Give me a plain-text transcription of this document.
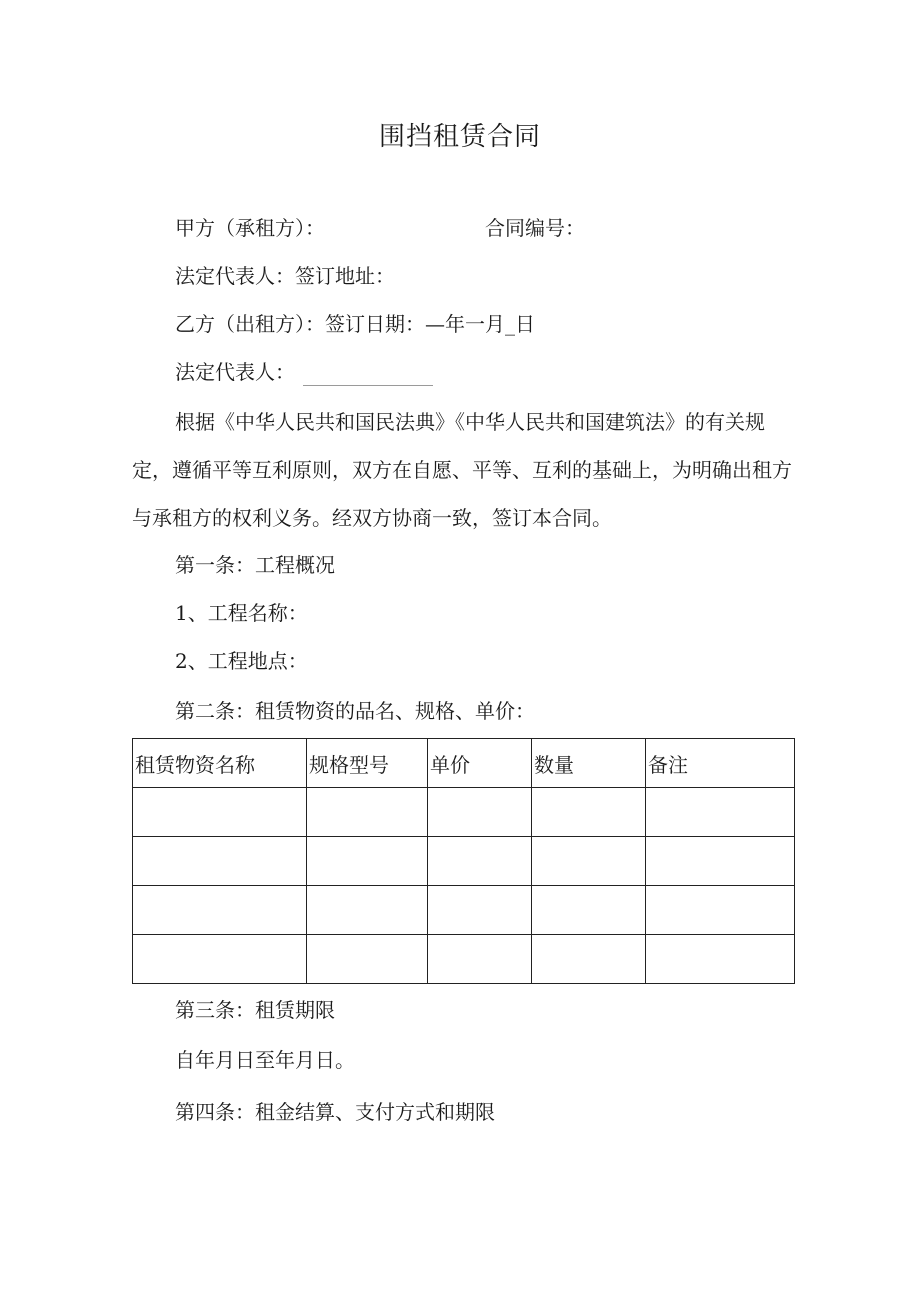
围挡租赁合同
甲方（承租方）：	合同编号：
法定代表人：签订地址：
乙方（出租方）：签订日期：—年一月_日
法定代表人：
根据《中华人民共和国民法典》《中华人民共和国建筑法》的有关规定，遵循平等互利原则，双方在自愿、平等、互利的基础上，为明确出租方与承租方的权利义务。经双方协商一致，签订本合同。
第一条：工程概况
1、工程名称：
2、工程地点：
第二条：租赁物资的品名、规格、单价：
租赁物资名称	规格型号	单价	数量	备注

第三条：租赁期限
自年月日至年月日。
第四条：租金结算、支付方式和期限
